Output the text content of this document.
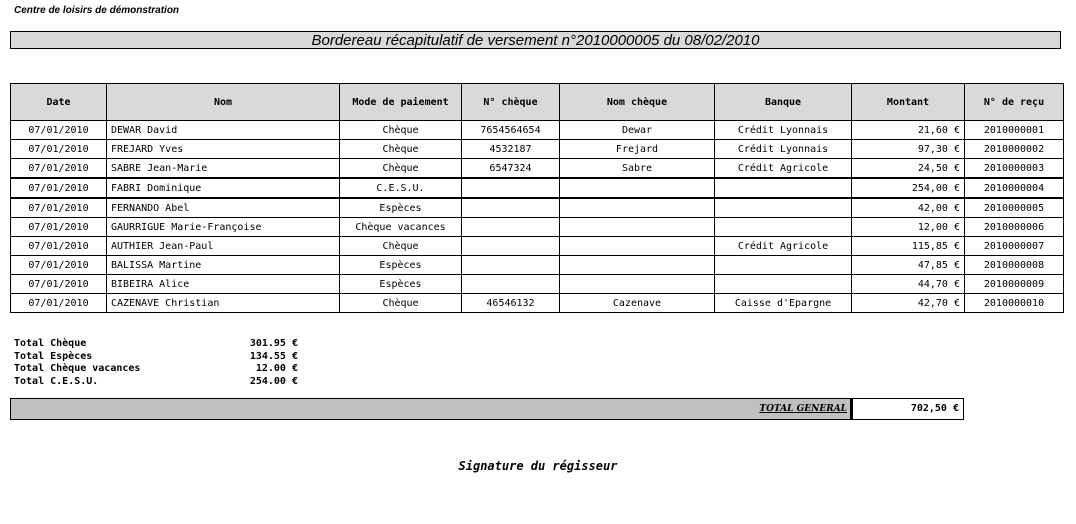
Centre de loisirs de démonstration
Bordereau récapitulatif de versement n°2010000005 du 08/02/2010
Date	Nom	Mode de paiement	N° chèque	Nom chèque	Banque	Montant	N° de reçu
07/01/2010	DEWAR David	Chèque	7654564654	Dewar	Crédit Lyonnais	21,60 €	2010000001
07/01/2010	FREJARD Yves	Chèque	4532187	Frejard	Crédit Lyonnais	97,30 €	2010000002
07/01/2010	SABRE Jean-Marie	Chèque	6547324	Sabre	Crédit Agricole	24,50 €	2010000003
07/01/2010	FABRI Dominique	C.E.S.U.				254,00 €	2010000004
07/01/2010	FERNANDO Abel	Espèces				42,00 €	2010000005
07/01/2010	GAURRIGUE Marie-Françoise	Chèque vacances				12,00 €	2010000006
07/01/2010	AUTHIER Jean-Paul	Chèque			Crédit Agricole	115,85 €	2010000007
07/01/2010	BALISSA Martine	Espèces				47,85 €	2010000008
07/01/2010	BIBEIRA Alice	Espèces				44,70 €	2010000009
07/01/2010	CAZENAVE Christian	Chèque	46546132	Cazenave	Caisse d'Epargne	42,70 €	2010000010
Total Chèque	301.95 €
Total Espèces	134.55 €
Total Chèque vacances	12.00 €
Total C.E.S.U.	254.00 €
TOTAL GENERAL	702,50 €
Signature du régisseur
